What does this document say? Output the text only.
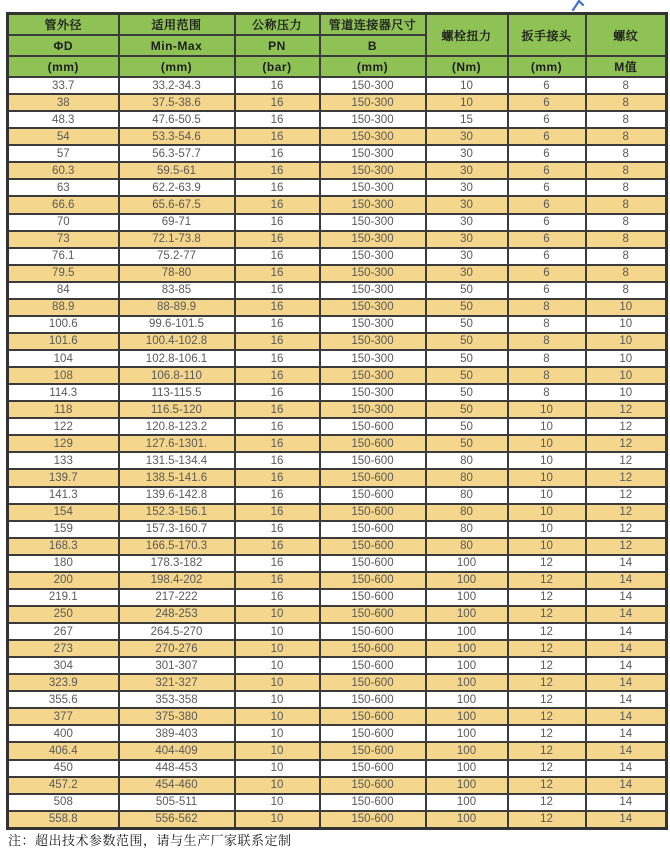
管外径	适用范围	公称压力	管道连接器尺寸	螺栓扭力	扳手接头	螺纹
ΦD	Min-Max	PN	B			
(mm)	(mm)	(bar)	(mm)	(Nm)	(mm)	M值
33.7	33.2-34.3	16	150-300	10	6	8
38	37.5-38.6	16	150-300	10	6	8
48.3	47.6-50.5	16	150-300	15	6	8
54	53.3-54.6	16	150-300	30	6	8
57	56.3-57.7	16	150-300	30	6	8
60.3	59.5-61	16	150-300	30	6	8
63	62.2-63.9	16	150-300	30	6	8
66.6	65.6-67.5	16	150-300	30	6	8
70	69-71	16	150-300	30	6	8
73	72.1-73.8	16	150-300	30	6	8
76.1	75.2-77	16	150-300	30	6	8
79.5	78-80	16	150-300	30	6	8
84	83-85	16	150-300	50	6	8
88.9	88-89.9	16	150-300	50	8	10
100.6	99.6-101.5	16	150-300	50	8	10
101.6	100.4-102.8	16	150-300	50	8	10
104	102.8-106.1	16	150-300	50	8	10
108	106.8-110	16	150-300	50	8	10
114.3	113-115.5	16	150-300	50	8	10
118	116.5-120	16	150-300	50	10	12
122	120.8-123.2	16	150-600	50	10	12
129	127.6-1301.	16	150-600	50	10	12
133	131.5-134.4	16	150-600	80	10	12
139.7	138.5-141.6	16	150-600	80	10	12
141.3	139.6-142.8	16	150-600	80	10	12
154	152.3-156.1	16	150-600	80	10	12
159	157.3-160.7	16	150-600	80	10	12
168.3	166.5-170.3	16	150-600	80	10	12
180	178.3-182	16	150-600	100	12	14
200	198.4-202	16	150-600	100	12	14
219.1	217-222	16	150-600	100	12	14
250	248-253	10	150-600	100	12	14
267	264.5-270	10	150-600	100	12	14
273	270-276	10	150-600	100	12	14
304	301-307	10	150-600	100	12	14
323.9	321-327	10	150-600	100	12	14
355.6	353-358	10	150-600	100	12	14
377	375-380	10	150-600	100	12	14
400	389-403	10	150-600	100	12	14
406.4	404-409	10	150-600	100	12	14
450	448-453	10	150-600	100	12	14
457.2	454-460	10	150-600	100	12	14
508	505-511	10	150-600	100	12	14
558.8	556-562	10	150-600	100	12	14
注：超出技术参数范围，请与生产厂家联系定制
